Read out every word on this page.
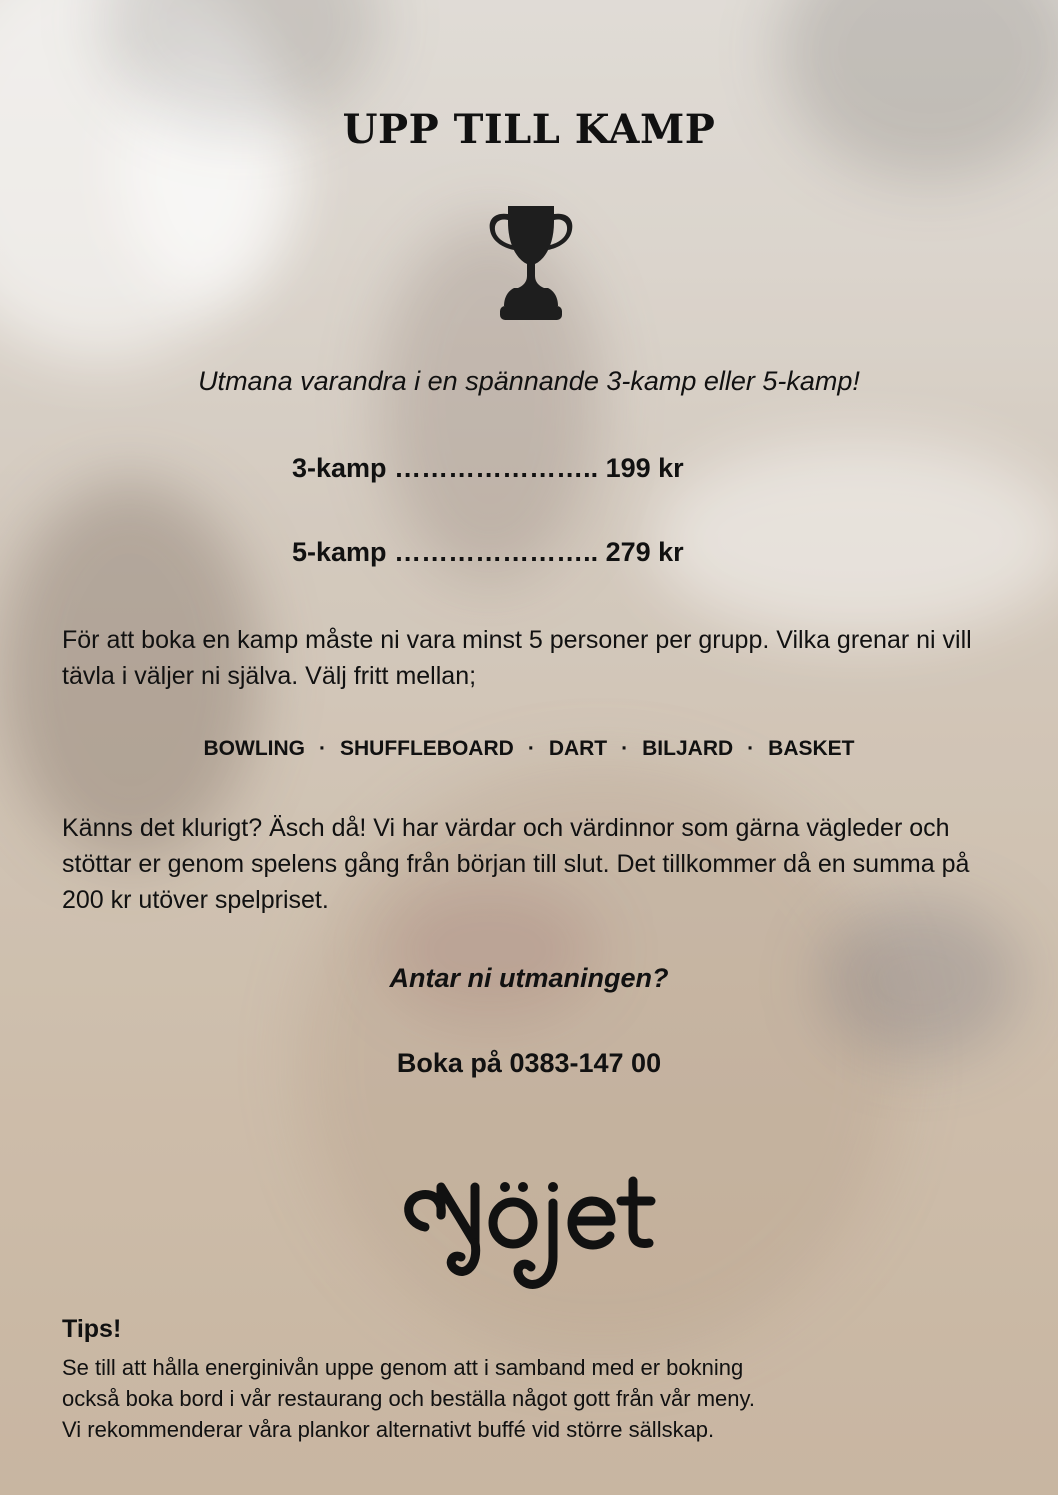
UPP TILL KAMP
Utmana varandra i en spännande 3-kamp eller 5-kamp!
3-kamp ………………….. 199 kr
5-kamp ………………….. 279 kr

För att boka en kamp måste ni vara minst 5 personer per grupp. Vilka grenar ni vill tävla i väljer ni själva. Välj fritt mellan;

BOWLING · SHUFFLEBOARD · DART · BILJARD · BASKET

Känns det klurigt? Äsch då! Vi har värdar och värdinnor som gärna vägleder och stöttar er genom spelens gång från början till slut. Det tillkommer då en summa på 200 kr utöver spelpriset.

Antar ni utmaningen?
Boka på 0383-147 00
Tips!

Se till att hålla energinivån uppe genom att i samband med er bokning
också boka bord i vår restaurang och beställa något gott från vår meny.
Vi rekommenderar våra plankor alternativt buffé vid större sällskap.
